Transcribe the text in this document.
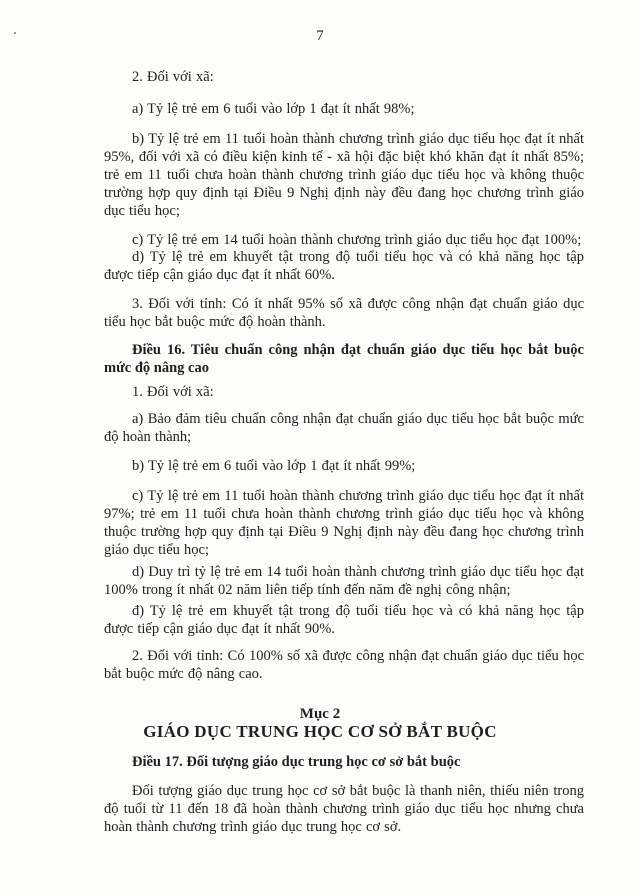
7
2. Đối với xã:
a) Tỷ lệ trẻ em 6 tuổi vào lớp 1 đạt ít nhất 98%;
b) Tỷ lệ trẻ em 11 tuổi hoàn thành chương trình giáo dục tiểu học đạt ít nhất 95%, đối với xã có điều kiện kinh tế - xã hội đặc biệt khó khăn đạt ít nhất 85%; trẻ em 11 tuổi chưa hoàn thành chương trình giáo dục tiểu học và không thuộc trường hợp quy định tại Điều 9 Nghị định này đều đang học chương trình giáo dục tiểu học;
c) Tỷ lệ trẻ em 14 tuổi hoàn thành chương trình giáo dục tiểu học đạt 100%;
d) Tỷ lệ trẻ em khuyết tật trong độ tuổi tiểu học và có khả năng học tập được tiếp cận giáo dục đạt ít nhất 60%.
3. Đối với tỉnh: Có ít nhất 95% số xã được công nhận đạt chuẩn giáo dục tiểu học bắt buộc mức độ hoàn thành.
Điều 16. Tiêu chuẩn công nhận đạt chuẩn giáo dục tiểu học bắt buộc mức độ nâng cao
1. Đối với xã:
a) Bảo đảm tiêu chuẩn công nhận đạt chuẩn giáo dục tiểu học bắt buộc mức độ hoàn thành;
b) Tỷ lệ trẻ em 6 tuổi vào lớp 1 đạt ít nhất 99%;
c) Tỷ lệ trẻ em 11 tuổi hoàn thành chương trình giáo dục tiểu học đạt ít nhất 97%; trẻ em 11 tuổi chưa hoàn thành chương trình giáo dục tiểu học và không thuộc trường hợp quy định tại Điều 9 Nghị định này đều đang học chương trình giáo dục tiểu học;
d) Duy trì tỷ lệ trẻ em 14 tuổi hoàn thành chương trình giáo dục tiểu học đạt 100% trong ít nhất 02 năm liên tiếp tính đến năm đề nghị công nhận;
đ) Tỷ lệ trẻ em khuyết tật trong độ tuổi tiểu học và có khả năng học tập được tiếp cận giáo dục đạt ít nhất 90%.
2. Đối với tỉnh: Có 100% số xã được công nhận đạt chuẩn giáo dục tiểu học bắt buộc mức độ nâng cao.
Mục 2
GIÁO DỤC TRUNG HỌC CƠ SỞ BẮT BUỘC
Điều 17. Đối tượng giáo dục trung học cơ sở bắt buộc
Đối tượng giáo dục trung học cơ sở bắt buộc là thanh niên, thiếu niên trong độ tuổi từ 11 đến 18 đã hoàn thành chương trình giáo dục tiểu học nhưng chưa hoàn thành chương trình giáo dục trung học cơ sở.
